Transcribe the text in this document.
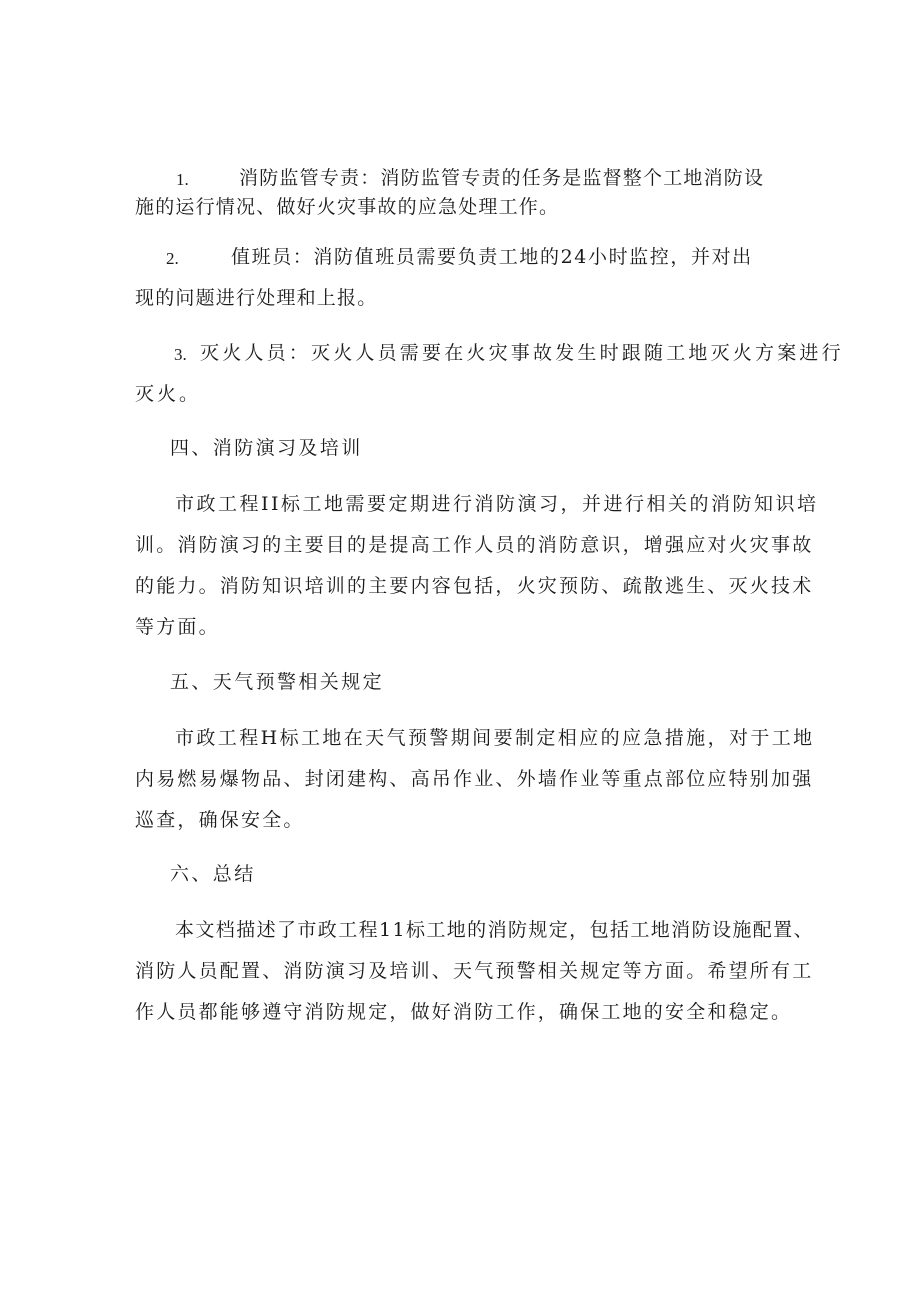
1.	消防监管专责：消防监管专责的任务是监督整个工地消防设
施的运行情况、做好火灾事故的应急处理工作。
2.	值班员：消防值班员需要负责工地的24小时监控，并对出
现的问题进行处理和上报。
3. 灭火人员：灭火人员需要在火灾事故发生时跟随工地灭火方案进行
灭火。
四、消防演习及培训
市政工程II标工地需要定期进行消防演习，并进行相关的消防知识培
训。消防演习的主要目的是提高工作人员的消防意识，增强应对火灾事故
的能力。消防知识培训的主要内容包括，火灾预防、疏散逃生、灭火技术
等方面。
五、天气预警相关规定
市政工程H标工地在天气预警期间要制定相应的应急措施，对于工地
内易燃易爆物品、封闭建构、高吊作业、外墙作业等重点部位应特别加强
巡查，确保安全。
六、总结
本文档描述了市政工程11标工地的消防规定，包括工地消防设施配置、
消防人员配置、消防演习及培训、天气预警相关规定等方面。希望所有工
作人员都能够遵守消防规定，做好消防工作，确保工地的安全和稳定。
